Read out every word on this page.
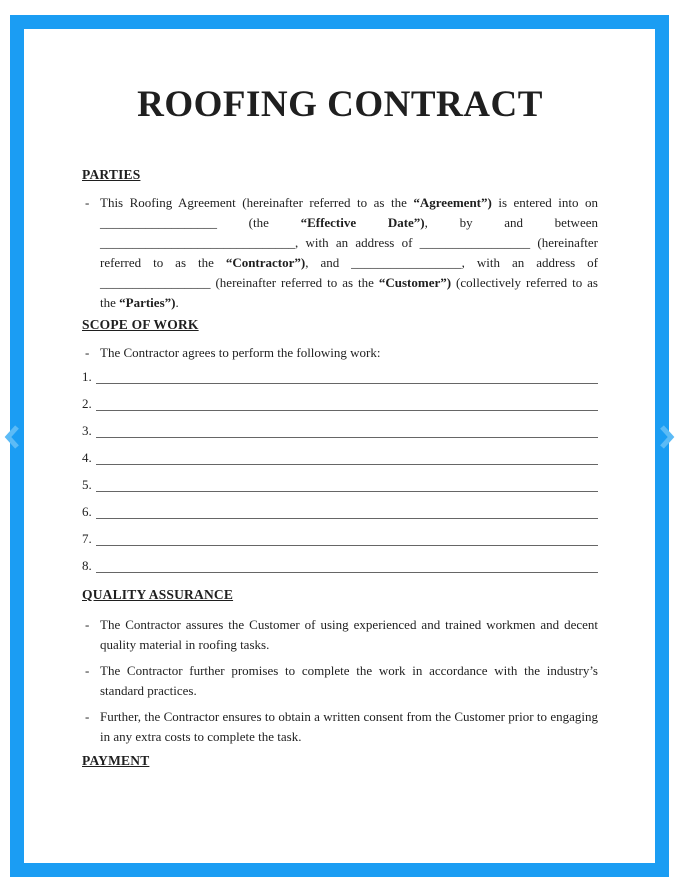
ROOFING CONTRACT
PARTIES
- This Roofing Agreement (hereinafter referred to as the “Agreement”) is entered into on __________________ (the “Effective Date”), by and between ______________________________, with an address of _________________ (hereinafter referred to as the “Contractor”), and _________________, with an address of _________________ (hereinafter referred to as the “Customer”) (collectively referred to as the “Parties”).
SCOPE OF WORK
- The Contractor agrees to perform the following work:
1.
2.
3.
4.
5.
6.
7.
8.
QUALITY ASSURANCE
- The Contractor assures the Customer of using experienced and trained workmen and decent quality material in roofing tasks.
- The Contractor further promises to complete the work in accordance with the industry’s standard practices.
- Further, the Contractor ensures to obtain a written consent from the Customer prior to engaging in any extra costs to complete the task.
PAYMENT
